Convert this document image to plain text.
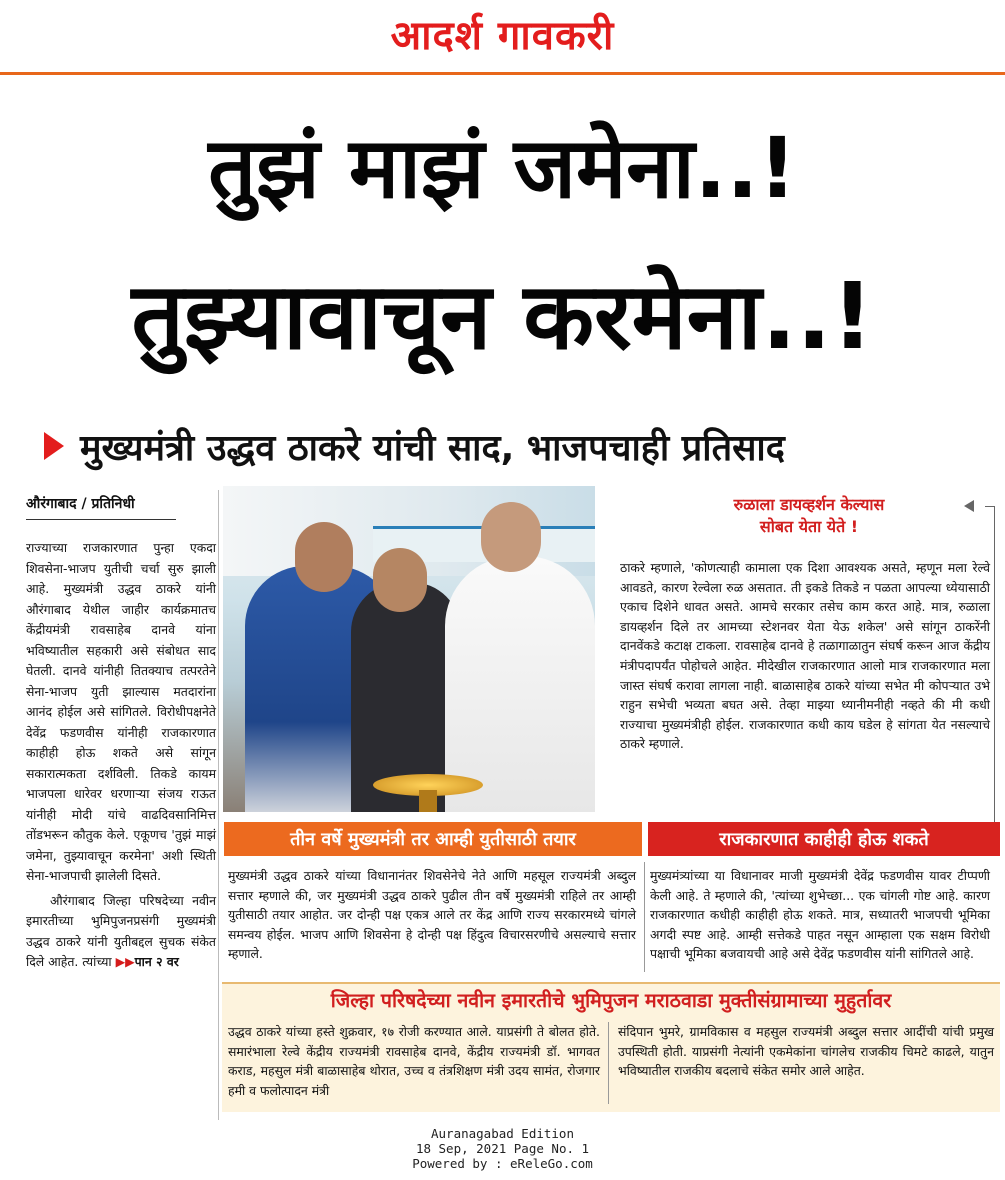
आदर्श गावकरी
तुझं माझं जमेना..!
तुझ्यावाचून करमेना..!
मुख्यमंत्री उद्धव ठाकरे यांची साद, भाजपचाही प्रतिसाद
औरंगाबाद / प्रतिनिधी

राज्याच्या राजकारणात पुन्हा एकदा शिवसेना-भाजप युतीची चर्चा सुरु झाली आहे. मुख्यमंत्री उद्धव ठाकरे यांनी औरंगाबाद येथील जाहीर कार्यक्रमातच केंद्रीयमंत्री रावसाहेब दानवे यांना भविष्यातील सहकारी असे संबोधत साद घेतली. दानवे यांनीही तितक्याच तत्परतेने सेना-भाजप युती झाल्यास मतदारांना आनंद होईल असे सांगितले. विरोधीपक्षनेते देवेंद्र फडणवीस यांनीही राजकारणात काहीही होऊ शकते असे सांगून सकारात्मकता दर्शविली. तिकडे कायम भाजपला धारेवर धरणाऱ्या संजय राऊत यांनीही मोदी यांचे वाढदिवसानिमित्त तोंडभरून कौतुक केले. एकूणच 'तुझं माझं जमेना, तुझ्यावाचून करमेना' अशी स्थिती सेना-भाजपाची झालेली दिसते.

औरंगाबाद जिल्हा परिषदेच्या नवीन इमारतीच्या भुमिपुजनप्रसंगी मुख्यमंत्री उद्धव ठाकरे यांनी युतीबद्दल सुचक संकेत दिले आहेत. त्यांच्या ▶▶पान २ वर

रुळाला डायव्हर्शन केल्यास
सोबत येता येते !
ठाकरे म्हणाले, 'कोणत्याही कामाला एक दिशा आवश्यक असते, म्हणून मला रेल्वे आवडते, कारण रेल्वेला रुळ असतात. ती इकडे तिकडे न पळता आपल्या ध्येयासाठी एकाच दिशेने धावत असते. आमचे सरकार तसेच काम करत आहे. मात्र, रुळाला डायव्हर्शन दिले तर आमच्या स्टेशनवर येता येऊ शकेल' असे सांगून ठाकरेंनी दानवेंकडे कटाक्ष टाकला. रावसाहेब दानवे हे तळागाळातुन संघर्ष करून आज केंद्रीय मंत्रीपदापर्यंत पोहोचले आहेत. मीदेखील राजकारणात आलो मात्र राजकारणात मला जास्त संघर्ष करावा लागला नाही. बाळासाहेब ठाकरे यांच्या सभेत मी कोपऱ्यात उभे राहुन सभेची भव्यता बघत असे. तेव्हा माझ्या ध्यानीमनीही नव्हते की मी कधी राज्याचा मुख्यमंत्रीही होईल. राजकारणात कधी काय घडेल हे सांगता येत नसल्याचे ठाकरे म्हणाले.
तीन वर्षे मुख्यमंत्री तर आम्ही युतीसाठी तयार	राजकारणात काहीही होऊ शकते
मुख्यमंत्री उद्धव ठाकरे यांच्या विधानानंतर शिवसेनेचे नेते आणि महसूल राज्यमंत्री अब्दुल सत्तार म्हणाले की, जर मुख्यमंत्री उद्धव ठाकरे पुढील तीन वर्षे मुख्यमंत्री राहिले तर आम्ही युतीसाठी तयार आहोत. जर दोन्ही पक्ष एकत्र आले तर केंद्र आणि राज्य सरकारमध्ये चांगले समन्वय होईल. भाजप आणि शिवसेना हे दोन्ही पक्ष हिंदुत्व विचारसरणीचे असल्याचे सत्तार म्हणाले.
मुख्यमंत्र्यांच्या या विधानावर माजी मुख्यमंत्री देवेंद्र फडणवीस यावर टीप्पणी केली आहे. ते म्हणाले की, 'त्यांच्या शुभेच्छा... एक चांगली गोष्ट आहे. कारण राजकारणात कधीही काहीही होऊ शकते. मात्र, सध्यातरी भाजपची भूमिका अगदी स्पष्ट आहे. आम्ही सत्तेकडे पाहत नसून आम्हाला एक सक्षम विरोधी पक्षाची भूमिका बजवायची आहे असे देवेंद्र फडणवीस यांनी सांगितले आहे.
जिल्हा परिषदेच्या नवीन इमारतीचे भुमिपुजन मराठवाडा मुक्तीसंग्रामाच्या मुहुर्तावर
उद्धव ठाकरे यांच्या हस्ते शुक्रवार, १७ रोजी करण्यात आले. याप्रसंगी ते बोलत होते. समारंभाला रेल्वे केंद्रीय राज्यमंत्री रावसाहेब दानवे, केंद्रीय राज्यमंत्री डॉ. भागवत कराड, महसुल मंत्री बाळासाहेब थोरात, उच्च व तंत्रशिक्षण मंत्री उदय सामंत, रोजगार हमी व फलोत्पादन मंत्री
संदिपान भुमरे, ग्रामविकास व महसुल राज्यमंत्री अब्दुल सत्तार आदींची यांची प्रमुख उपस्थिती होती. याप्रसंगी नेत्यांनी एकमेकांना चांगलेच राजकीय चिमटे काढले, यातुन भविष्यातील राजकीय बदलाचे संकेत समोर आले आहेत.
Auranagabad Edition
18 Sep, 2021 Page No. 1
Powered by : eReleGo.com
